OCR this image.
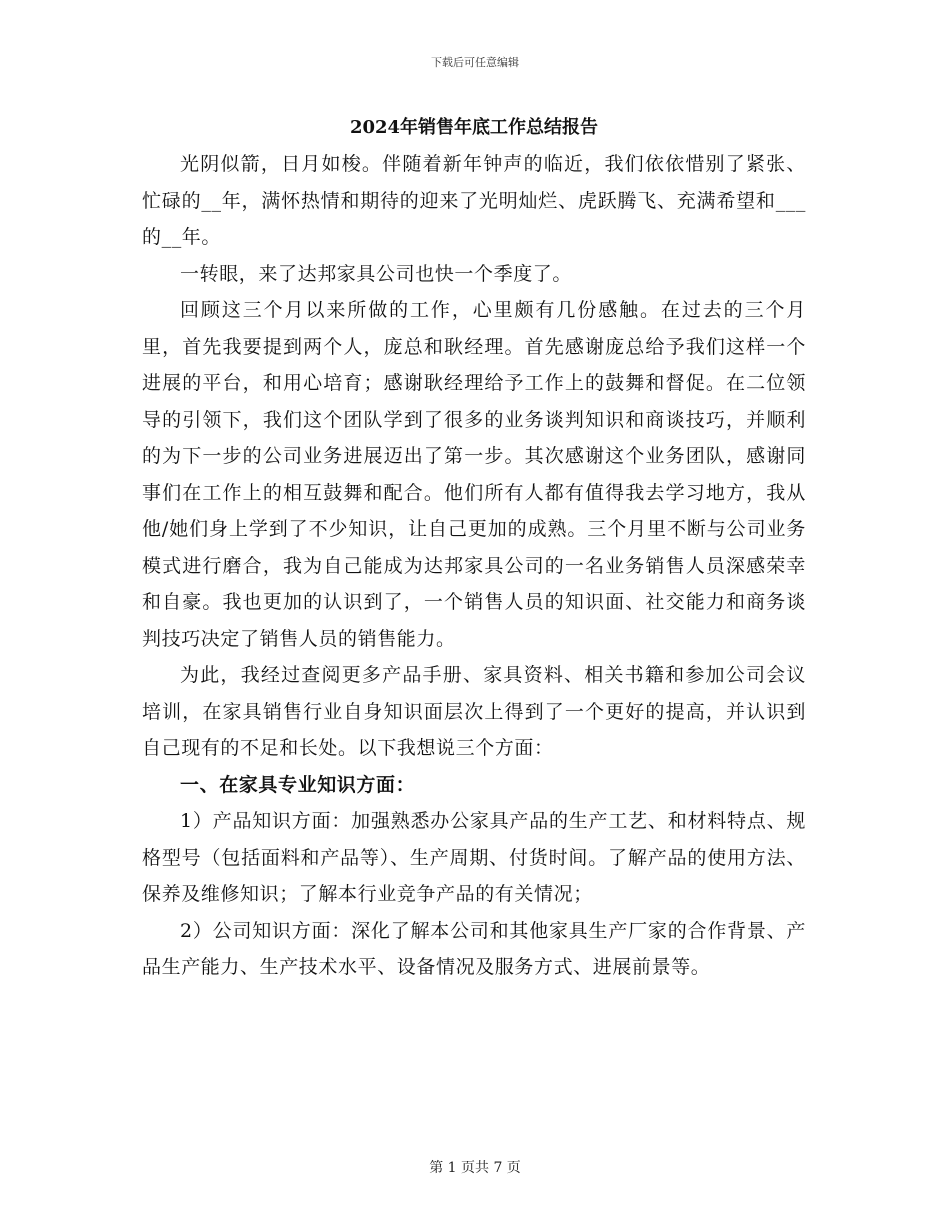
下载后可任意编辑
2024年销售年底工作总结报告

光阴似箭，日月如梭。伴随着新年钟声的临近，我们依依惜别了紧张、忙碌的__年，满怀热情和期待的迎来了光明灿烂、虎跃腾飞、充满希望和___的__年。

一转眼，来了达邦家具公司也快一个季度了。

回顾这三个月以来所做的工作，心里颇有几份感触。在过去的三个月里，首先我要提到两个人，庞总和耿经理。首先感谢庞总给予我们这样一个进展的平台，和用心培育；感谢耿经理给予工作上的鼓舞和督促。在二位领导的引领下，我们这个团队学到了很多的业务谈判知识和商谈技巧，并顺利的为下一步的公司业务进展迈出了第一步。其次感谢这个业务团队，感谢同事们在工作上的相互鼓舞和配合。他们所有人都有值得我去学习地方，我从他/她们身上学到了不少知识，让自己更加的成熟。三个月里不断与公司业务模式进行磨合，我为自己能成为达邦家具公司的一名业务销售人员深感荣幸和自豪。我也更加的认识到了，一个销售人员的知识面、社交能力和商务谈判技巧决定了销售人员的销售能力。

为此，我经过查阅更多产品手册、家具资料、相关书籍和参加公司会议培训，在家具销售行业自身知识面层次上得到了一个更好的提高，并认识到自己现有的不足和长处。以下我想说三个方面：

一、在家具专业知识方面：

1）产品知识方面：加强熟悉办公家具产品的生产工艺、和材料特点、规格型号（包括面料和产品等）、生产周期、付货时间。了解产品的使用方法、保养及维修知识；了解本行业竞争产品的有关情况；

2）公司知识方面：深化了解本公司和其他家具生产厂家的合作背景、产品生产能力、生产技术水平、设备情况及服务方式、进展前景等。

第 1 页共 7 页
